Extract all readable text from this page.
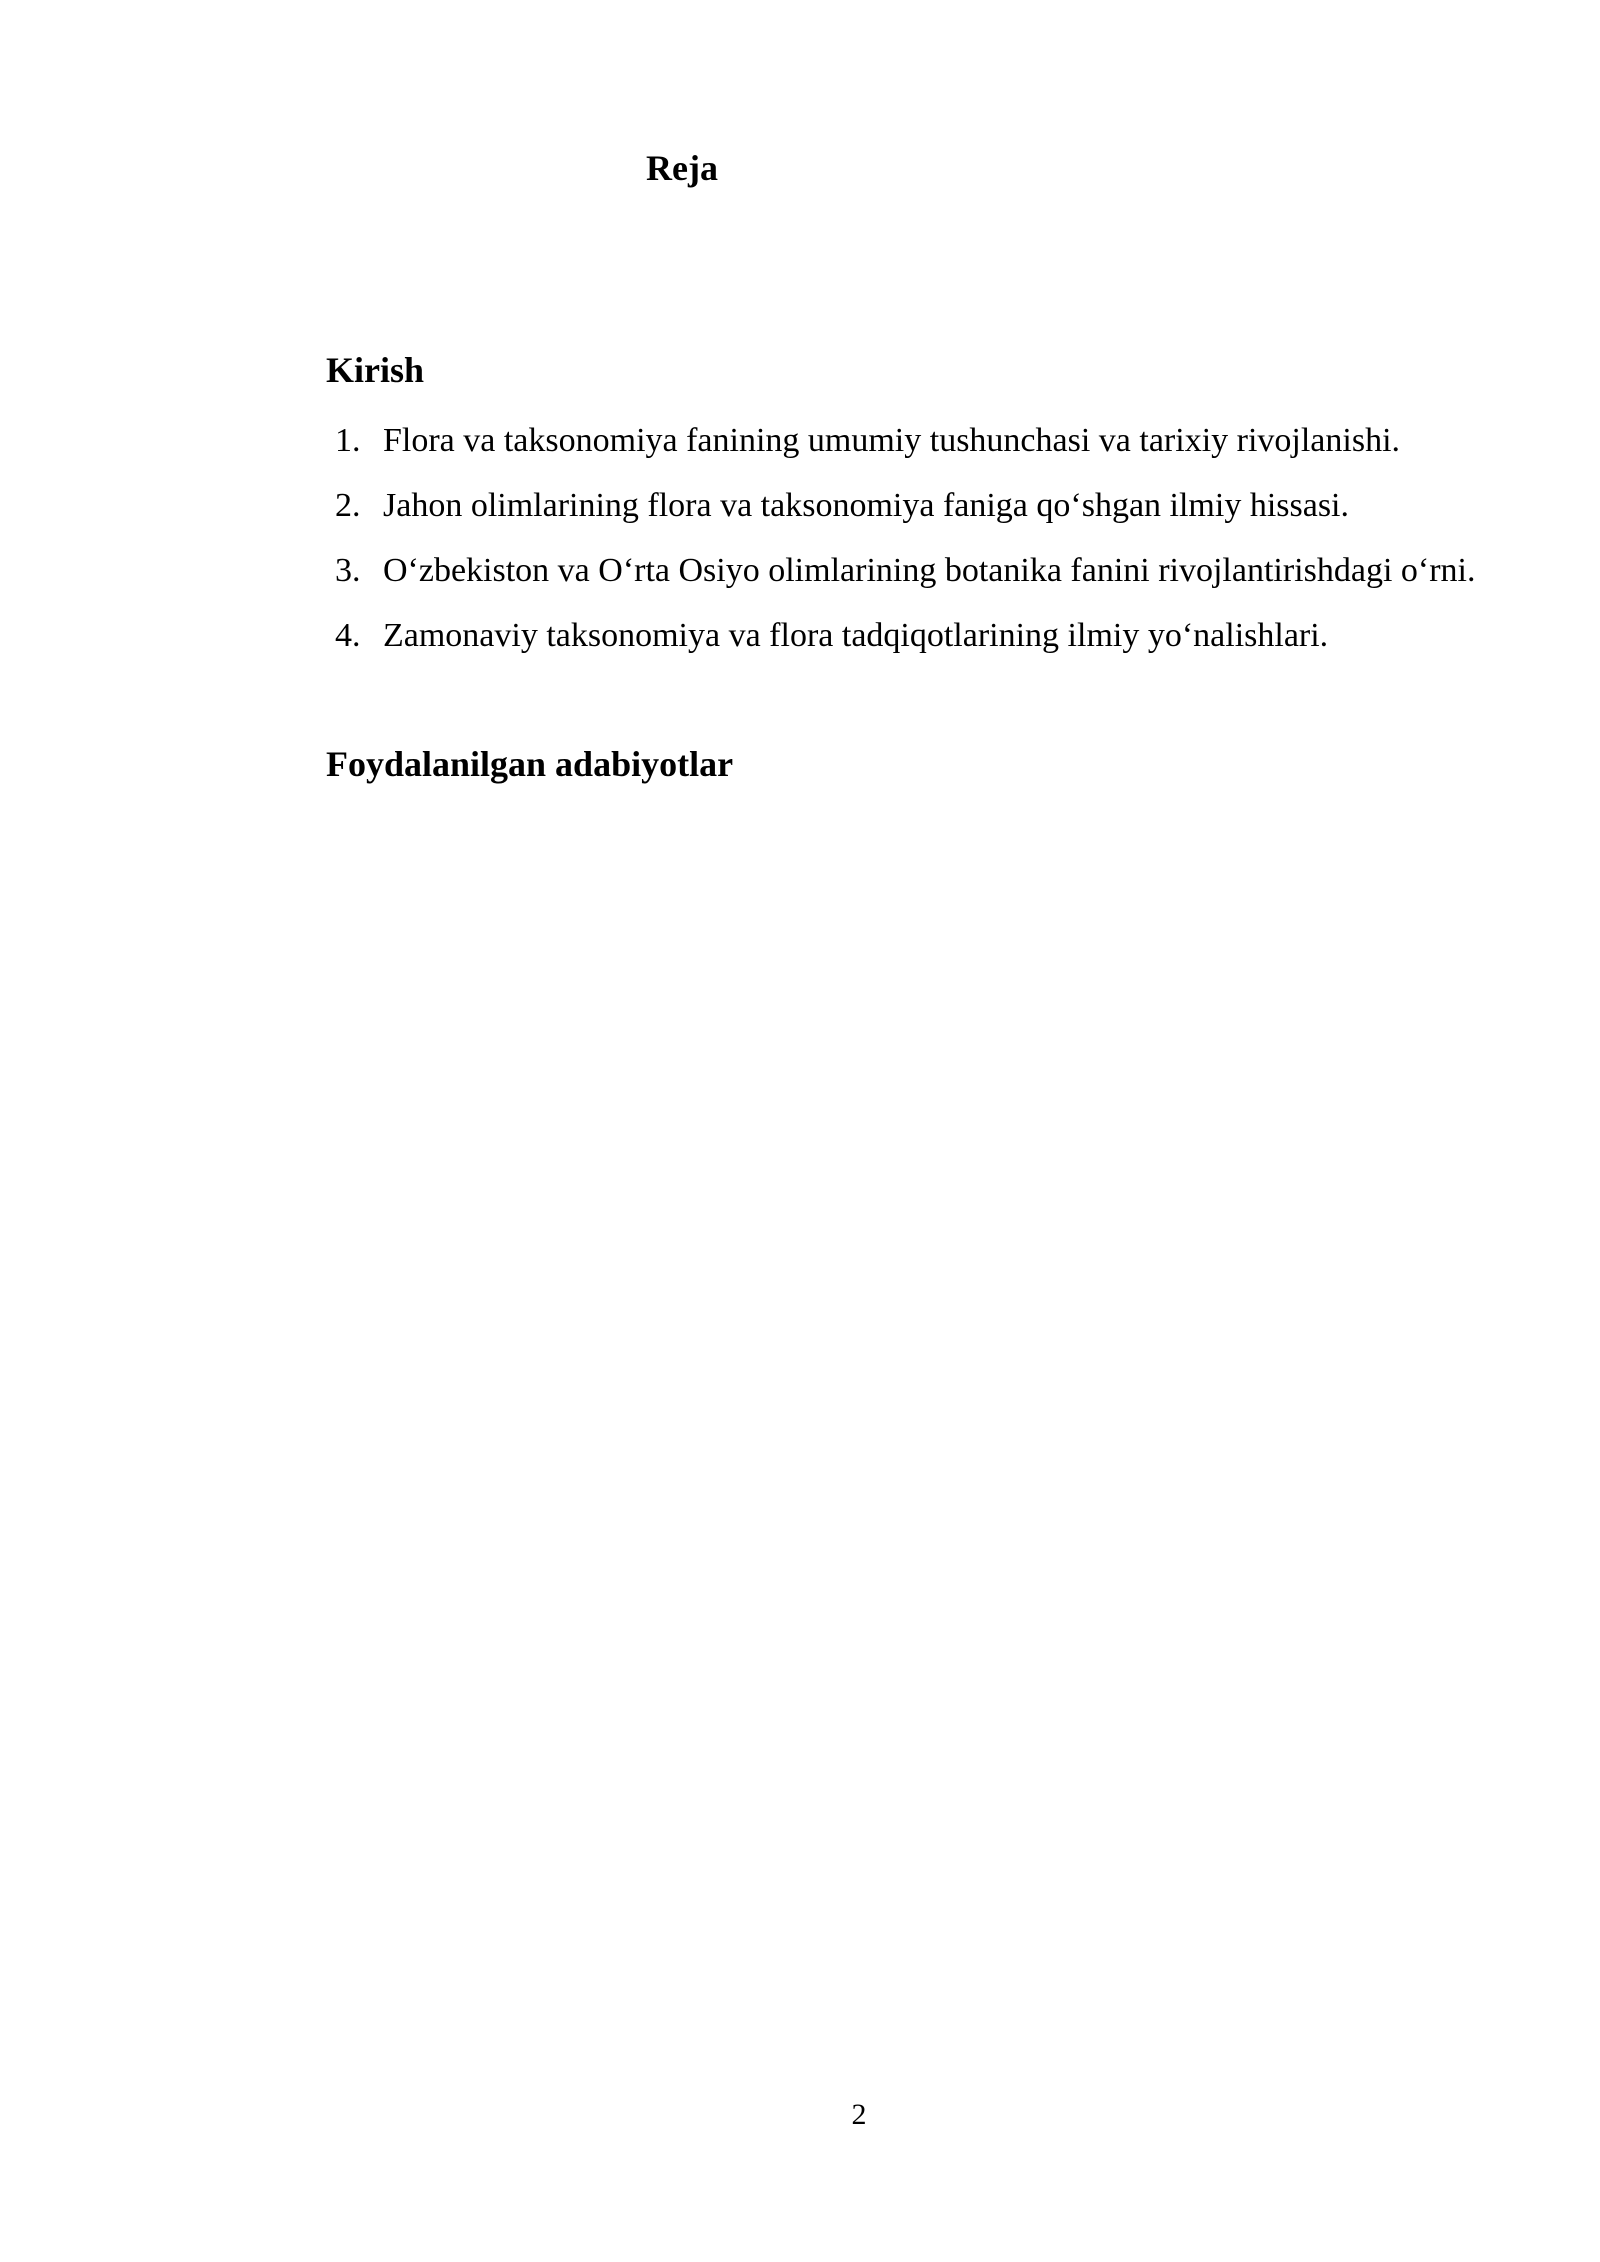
Reja
Kirish
1. Flora va taksonomiya fanining umumiy tushunchasi va tarixiy rivojlanishi.
2. Jahon olimlarining flora va taksonomiya faniga qo‘shgan ilmiy hissasi.
3. O‘zbekiston va O‘rta Osiyo olimlarining botanika fanini rivojlantirishdagi o‘rni.
4. Zamonaviy taksonomiya va flora tadqiqotlarining ilmiy yo‘nalishlari.
Foydalanilgan adabiyotlar
2
